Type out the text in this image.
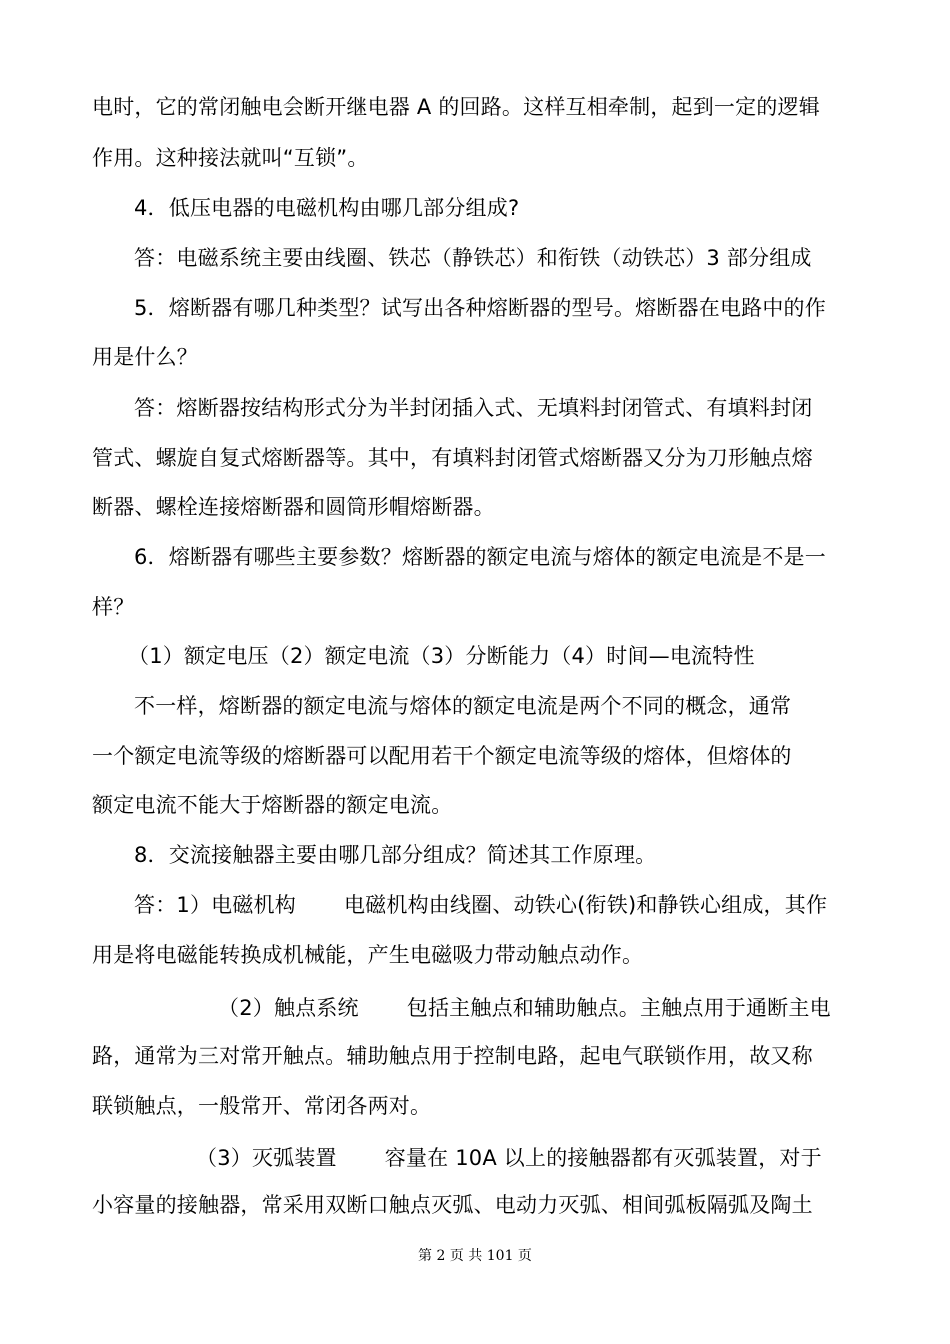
电时，它的常闭触电会断开继电器 A 的回路。这样互相牵制，起到一定的逻辑
作用。这种接法就叫“互锁”。
4．低压电器的电磁机构由哪几部分组成?
答：电磁系统主要由线圈、铁芯（静铁芯）和衔铁（动铁芯）3 部分组成
5．熔断器有哪几种类型？试写出各种熔断器的型号。熔断器在电路中的作
用是什么？
答：熔断器按结构形式分为半封闭插入式、无填料封闭管式、有填料封闭
管式、螺旋自复式熔断器等。其中，有填料封闭管式熔断器又分为刀形触点熔
断器、螺栓连接熔断器和圆筒形帽熔断器。
6．熔断器有哪些主要参数？熔断器的额定电流与熔体的额定电流是不是一
样？
（1）额定电压（2）额定电流（3）分断能力（4）时间—电流特性
不一样，熔断器的额定电流与熔体的额定电流是两个不同的概念，通常
一个额定电流等级的熔断器可以配用若干个额定电流等级的熔体，但熔体的
额定电流不能大于熔断器的额定电流。
8．交流接触器主要由哪几部分组成？简述其工作原理。
答：1）电磁机构 电磁机构由线圈、动铁心(衔铁)和静铁心组成，其作
用是将电磁能转换成机械能，产生电磁吸力带动触点动作。
（2）触点系统 包括主触点和辅助触点。主触点用于通断主电
路，通常为三对常开触点。辅助触点用于控制电路，起电气联锁作用，故又称
联锁触点，一般常开、常闭各两对。
（3）灭弧装置 容量在 10A 以上的接触器都有灭弧装置，对于
小容量的接触器，常采用双断口触点灭弧、电动力灭弧、相间弧板隔弧及陶土
第 2 页 共 101 页
